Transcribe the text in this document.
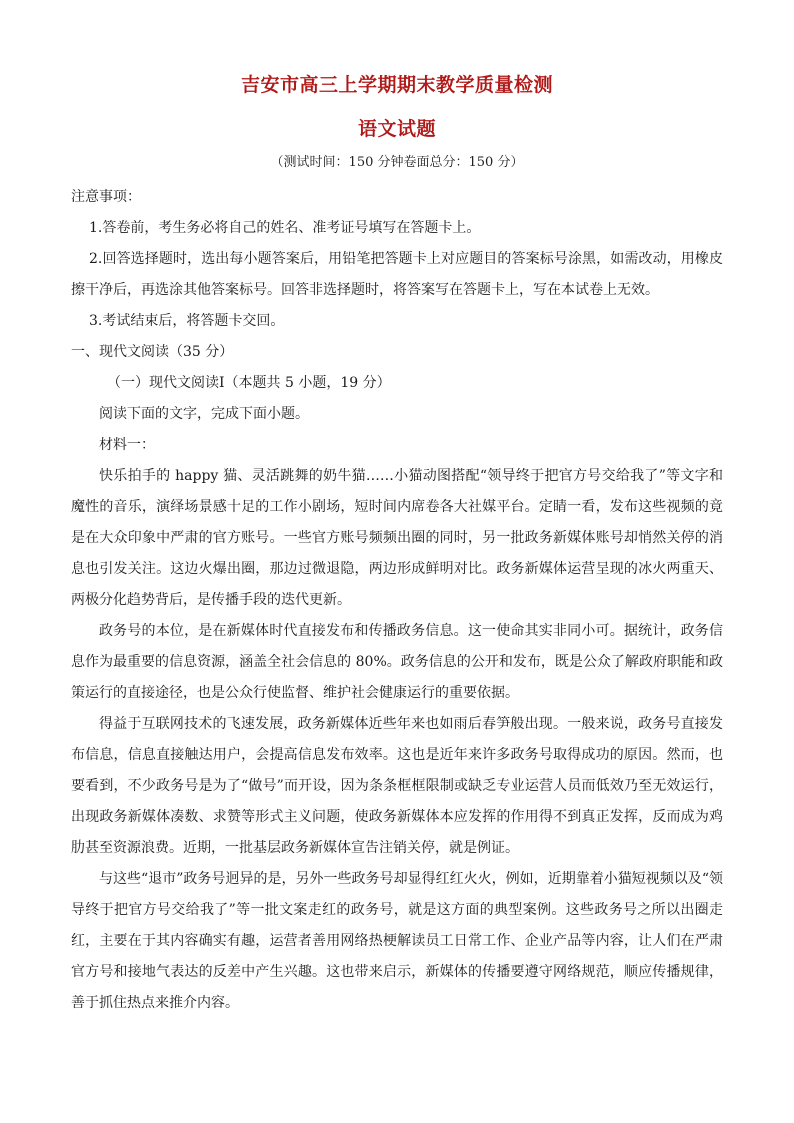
吉安市高三上学期期末教学质量检测
语文试题
（测试时间：150 分钟卷面总分：150 分）

注意事项：

1.答卷前，考生务必将自己的姓名、准考证号填写在答题卡上。

2.回答选择题时，选出每小题答案后，用铅笔把答题卡上对应题目的答案标号涂黑，如需改动，用橡皮擦干净后，再选涂其他答案标号。回答非选择题时，将答案写在答题卡上，写在本试卷上无效。

3.考试结束后，将答题卡交回。

一、现代文阅读（35 分）

（一）现代文阅读Ⅰ（本题共 5 小题，19 分）

阅读下面的文字，完成下面小题。

材料一：

快乐拍手的 happy 猫、灵活跳舞的奶牛猫……小猫动图搭配“领导终于把官方号交给我了”等文字和魔性的音乐，演绎场景感十足的工作小剧场，短时间内席卷各大社媒平台。定睛一看，发布这些视频的竟是在大众印象中严肃的官方账号。一些官方账号频频出圈的同时，另一批政务新媒体账号却悄然关停的消息也引发关注。这边火爆出圈，那边过微退隐，两边形成鲜明对比。政务新媒体运营呈现的冰火两重天、两极分化趋势背后，是传播手段的迭代更新。

政务号的本位，是在新媒体时代直接发布和传播政务信息。这一使命其实非同小可。据统计，政务信息作为最重要的信息资源，涵盖全社会信息的 80%。政务信息的公开和发布，既是公众了解政府职能和政策运行的直接途径，也是公众行使监督、维护社会健康运行的重要依据。

得益于互联网技术的飞速发展，政务新媒体近些年来也如雨后春笋般出现。一般来说，政务号直接发布信息，信息直接触达用户，会提高信息发布效率。这也是近年来许多政务号取得成功的原因。然而，也要看到，不少政务号是为了“做号”而开设，因为条条框框限制或缺乏专业运营人员而低效乃至无效运行，出现政务新媒体凑数、求赞等形式主义问题，使政务新媒体本应发挥的作用得不到真正发挥，反而成为鸡肋甚至资源浪费。近期，一批基层政务新媒体宣告注销关停，就是例证。

与这些“退市”政务号迥异的是，另外一些政务号却显得红红火火，例如，近期靠着小猫短视频以及“领导终于把官方号交给我了”等一批文案走红的政务号，就是这方面的典型案例。这些政务号之所以出圈走红，主要在于其内容确实有趣，运营者善用网络热梗解读员工日常工作、企业产品等内容，让人们在严肃官方号和接地气表达的反差中产生兴趣。这也带来启示，新媒体的传播要遵守网络规范，顺应传播规律，善于抓住热点来推介内容。
